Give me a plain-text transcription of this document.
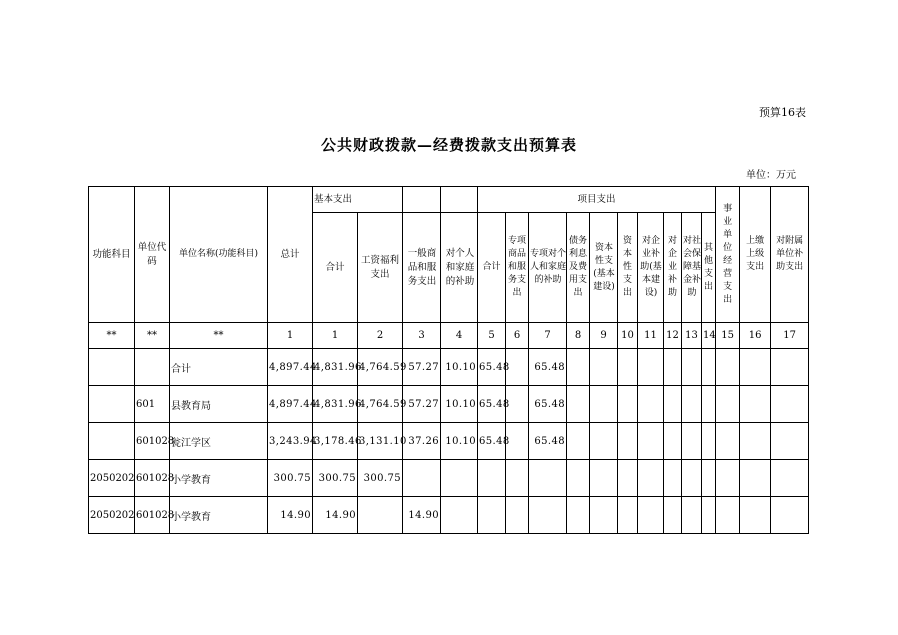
预算16表
公共财政拨款—经费拨款支出预算表
单位：万元
功能科目	单位代码	单位名称(功能科目)	总计	基本支出				项目支出										事业单位经营支出	上缴上级支出	对附属单位补助支出

				合计	工资福利支出	一般商品和服务支出	对个人和家庭的补助	合计	专项商品和服务支出	专项对个人和家庭的补助	债务利息及费用支出	资本性支(基本建设)	资本性支出	对企业补助(基本建设)	对企业补助	对社会保障基金补助	其他支出			

**	**	**	1	1	2	3	4	5	6	7	8	9	10	11	12	13	14	15	16	17
		合计	4,897.44	4,831.96	4,764.59	57.27	10.10	65.48		65.48										
	601	县教育局	4,897.44	4,831.96	4,764.59	57.27	10.10	65.48		65.48										
	601028	瓮江学区	3,243.94	3,178.46	3,131.10	37.26	10.10	65.48		65.48										
2050202	601028	小学教育	300.75	300.75	300.75															
2050202	601028	小学教育	14.90	14.90		14.90														
